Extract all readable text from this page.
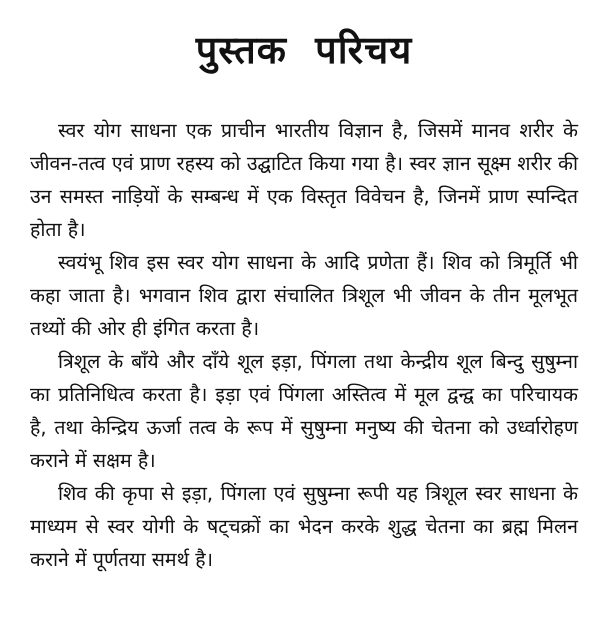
पुस्तक परिचय

स्वर योग साधना एक प्राचीन भारतीय विज्ञान है, जिसमें मानव शरीर के जीवन-तत्व एवं प्राण रहस्य को उद्घाटित किया गया है। स्वर ज्ञान सूक्ष्म शरीर की उन समस्त नाड़ियों के सम्बन्ध में एक विस्तृत विवेचन है, जिनमें प्राण स्पन्दित होता है।

स्वयंभू शिव इस स्वर योग साधना के आदि प्रणेता हैं। शिव को त्रिमूर्ति भी कहा जाता है। भगवान शिव द्वारा संचालित त्रिशूल भी जीवन के तीन मूलभूत तथ्यों की ओर ही इंगित करता है।

त्रिशूल के बाँये और दाँये शूल इड़ा, पिंगला तथा केन्द्रीय शूल बिन्दु सुषुम्ना का प्रतिनिधित्व करता है। इड़ा एवं पिंगला अस्तित्व में मूल द्वन्द्व का परिचायक है, तथा केन्द्रिय ऊर्जा तत्व के रूप में सुषुम्ना मनुष्य की चेतना को उर्ध्वारोहण कराने में सक्षम है।

शिव की कृपा से इड़ा, पिंगला एवं सुषुम्ना रूपी यह त्रिशूल स्वर साधना के माध्यम से स्वर योगी के षट्चक्रों का भेदन करके शुद्ध चेतना का ब्रह्म मिलन कराने में पूर्णतया समर्थ है।
